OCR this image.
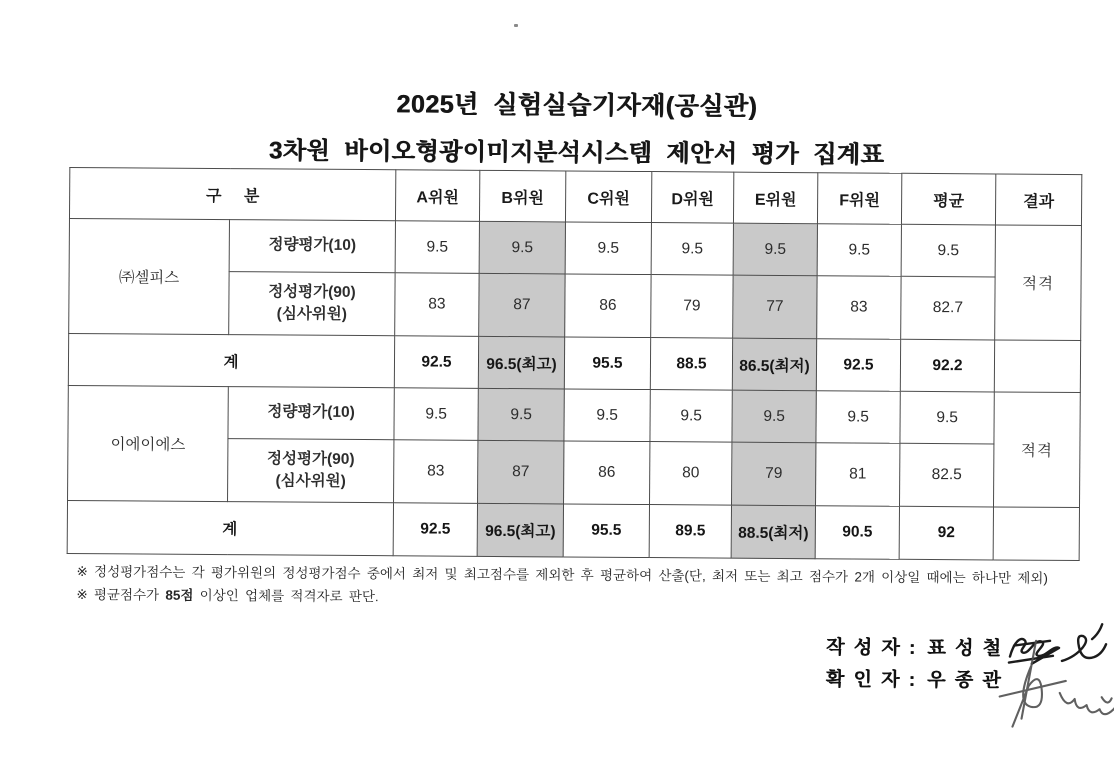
2025년 실험실습기자재(공실관)
3차원 바이오형광이미지분석시스템 제안서 평가 집계표
구 분		A위원	B위원	C위원	D위원	E위원	F위원	평균	결과
㈜셀피스	정량평가(10)	9.5	9.5	9.5	9.5	9.5	9.5	9.5	적격

	정성평가(90)
(심사위원)	83	87	86	79	77	83	82.7	
계		92.5	96.5(최고)	95.5	88.5	86.5(최저)	92.5	92.2	
이에이에스	정량평가(10)	9.5	9.5	9.5	9.5	9.5	9.5	9.5	적격

	정성평가(90)
(심사위원)	83	87	86	80	79	81	82.5	
계		92.5	96.5(최고)	95.5	89.5	88.5(최저)	90.5	92	
※ 정성평가점수는 각 평가위원의 정성평가점수 중에서 최저 및 최고점수를 제외한 후 평균하여 산출(단, 최저 또는 최고 점수가 2개 이상일 때에는 하나만 제외)
※ 평균점수가 85점 이상인 업체를 적격자로 판단.
작 성 자 : 표 성 철
확 인 자 : 우 종 관
